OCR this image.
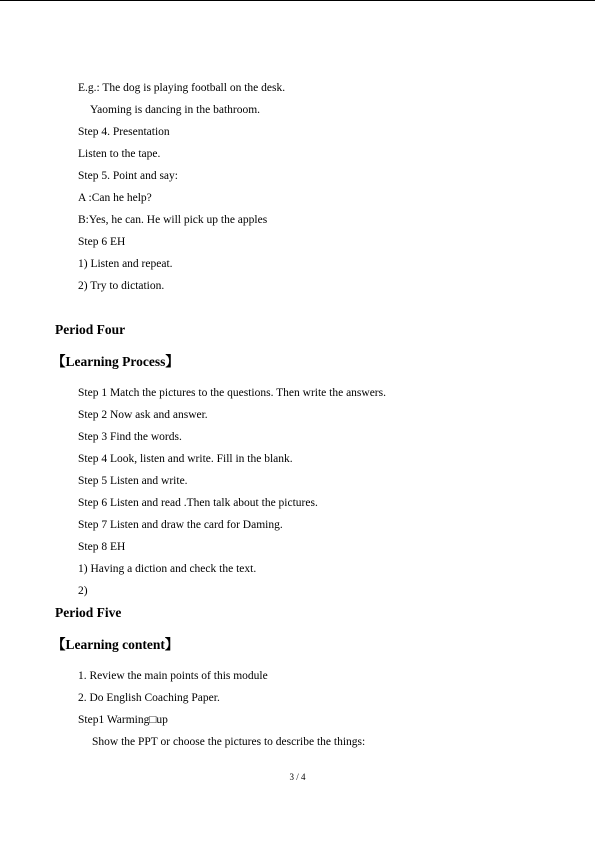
E.g.: The dog is playing football on the desk.
Yaoming is dancing in the bathroom.
Step 4. Presentation
Listen to the tape.
Step 5. Point and say:
A :Can he help?
B:Yes, he can. He will pick up the apples
Step 6 EH
1) Listen and repeat.
2) Try to dictation.
Period Four
【Learning Process】
Step 1 Match the pictures to the questions. Then write the answers.
Step 2 Now ask and answer.
Step 3 Find the words.
Step 4 Look, listen and write. Fill in the blank.
Step 5 Listen and write.
Step 6 Listen and read .Then talk about the pictures.
Step 7 Listen and draw the card for Daming.
Step 8 EH
1) Having a diction and check the text.
2)
Period Five
【Learning content】
1. Review the main points of this module
2. Do English Coaching Paper.
Step1 Warming□up
Show the PPT or choose the pictures to describe the things:
3 / 4
